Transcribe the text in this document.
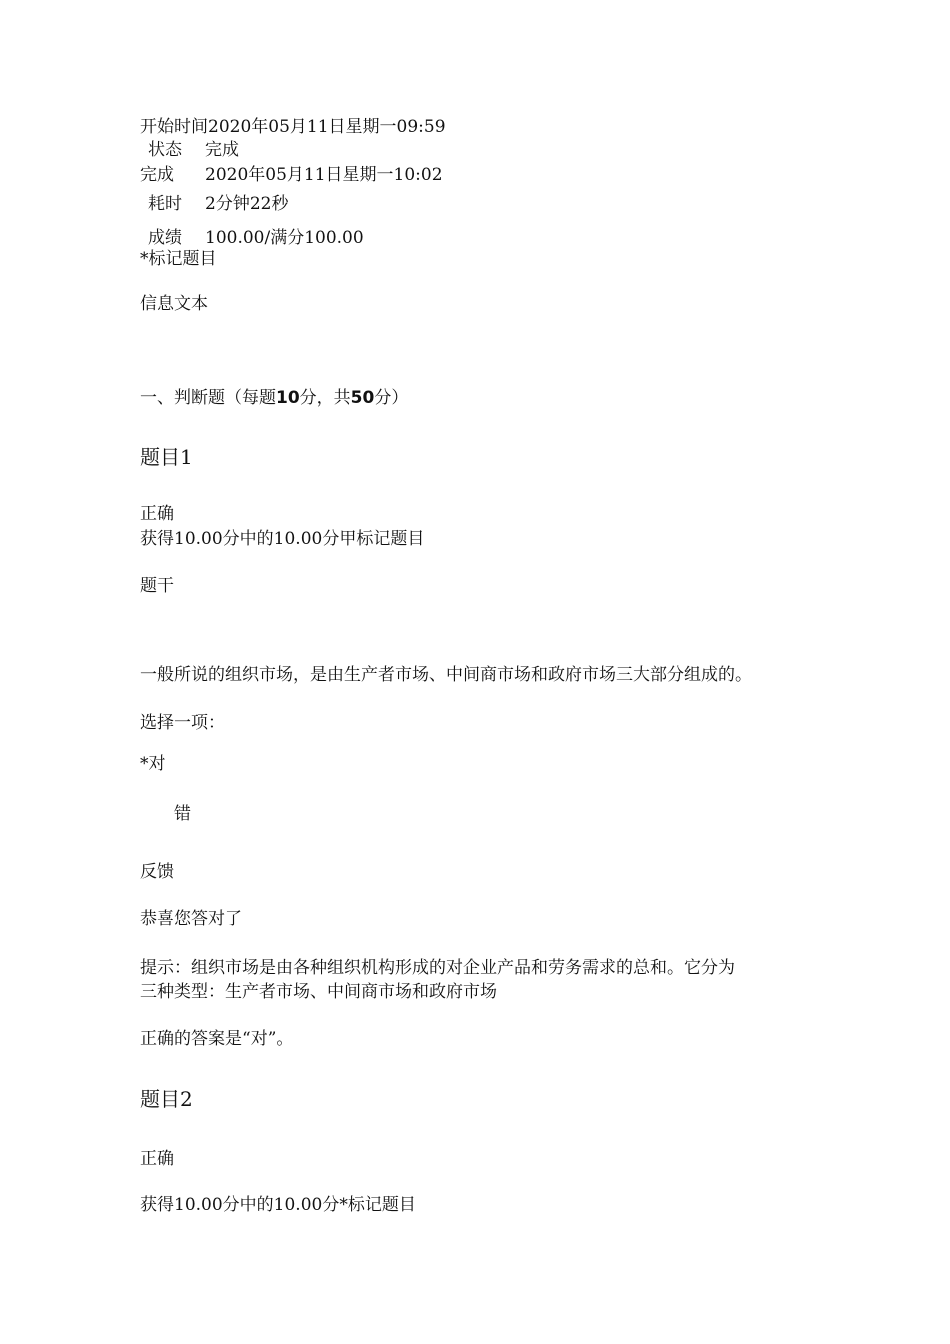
开始时间2020年05月11日星期一09:59
状态 完成
完成 2020年05月11日星期一10:02
耗时 2分钟22秒
成绩 100.00/满分100.00
*标记题目
信息文本
一、判断题（每题10分，共50分）
题目1
正确
获得10.00分中的10.00分甲标记题目
题干
一般所说的组织市场，是由生产者市场、中间商市场和政府市场三大部分组成的。
选择一项：
*对
错
反馈
恭喜您答对了
提示：组织市场是由各种组织机构形成的对企业产品和劳务需求的总和。它分为
三种类型：生产者市场、中间商市场和政府市场
正确的答案是“对”。
题目2
正确
获得10.00分中的10.00分*标记题目
